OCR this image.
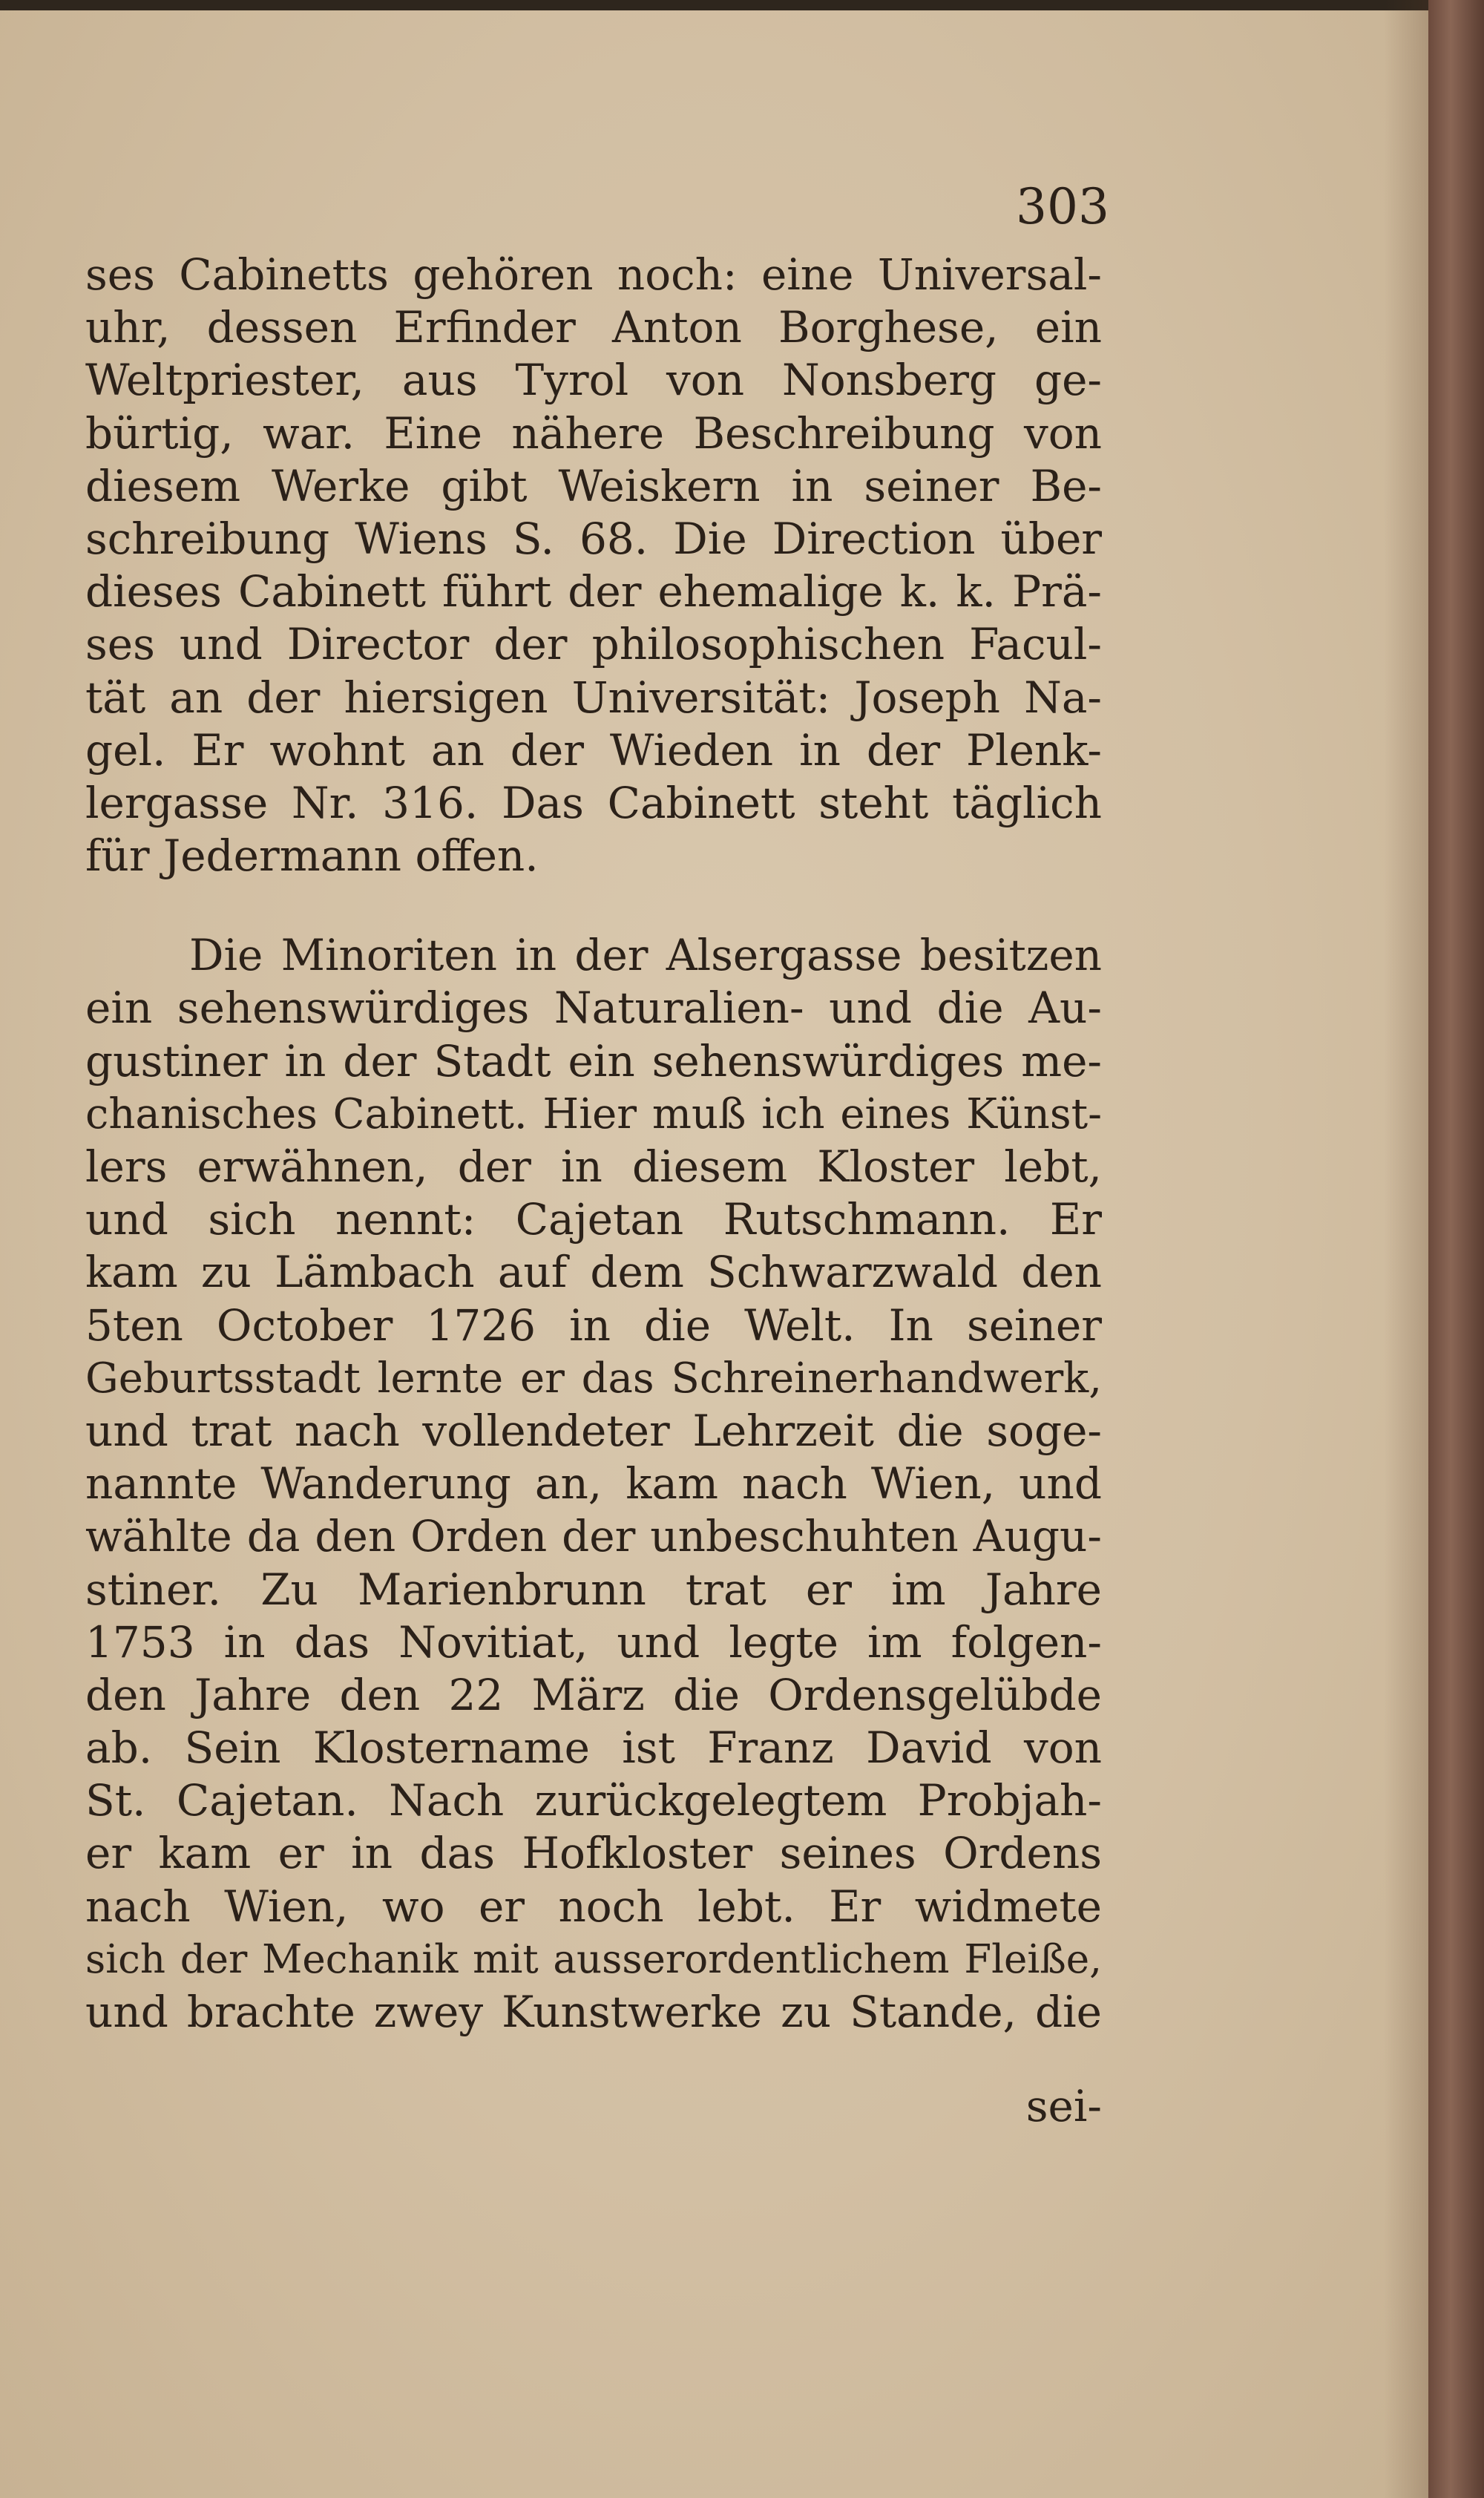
303
ses Cabinetts gehören noch: eine Universal-
uhr, dessen Erfinder Anton Borghese, ein
Weltpriester, aus Tyrol von Nonsberg ge-
bürtig, war. Eine nähere Beschreibung von
diesem Werke gibt Weiskern in seiner Be-
schreibung Wiens S. 68. Die Direction über
dieses Cabinett führt der ehemalige k. k. Prä-
ses und Director der philosophischen Facul-
tät an der hiersigen Universität: Joseph Na-
gel. Er wohnt an der Wieden in der Plenk-
lergasse Nr. 316. Das Cabinett steht täglich
für Jedermann offen.
Die Minoriten in der Alsergasse besitzen
ein sehenswürdiges Naturalien- und die Au-
gustiner in der Stadt ein sehenswürdiges me-
chanisches Cabinett. Hier muß ich eines Künst-
lers erwähnen, der in diesem Kloster lebt,
und sich nennt: Cajetan Rutschmann. Er
kam zu Lämbach auf dem Schwarzwald den
5ten October 1726 in die Welt. In seiner
Geburtsstadt lernte er das Schreinerhandwerk,
und trat nach vollendeter Lehrzeit die soge-
nannte Wanderung an, kam nach Wien, und
wählte da den Orden der unbeschuhten Augu-
stiner. Zu Marienbrunn trat er im Jahre
1753 in das Novitiat, und legte im folgen-
den Jahre den 22 März die Ordensgelübde
ab. Sein Klostername ist Franz David von
St. Cajetan. Nach zurückgelegtem Probjah-
er kam er in das Hofkloster seines Ordens
nach Wien, wo er noch lebt. Er widmete
sich der Mechanik mit ausserordentlichem Fleiße,
und brachte zwey Kunstwerke zu Stande, die
sei-
